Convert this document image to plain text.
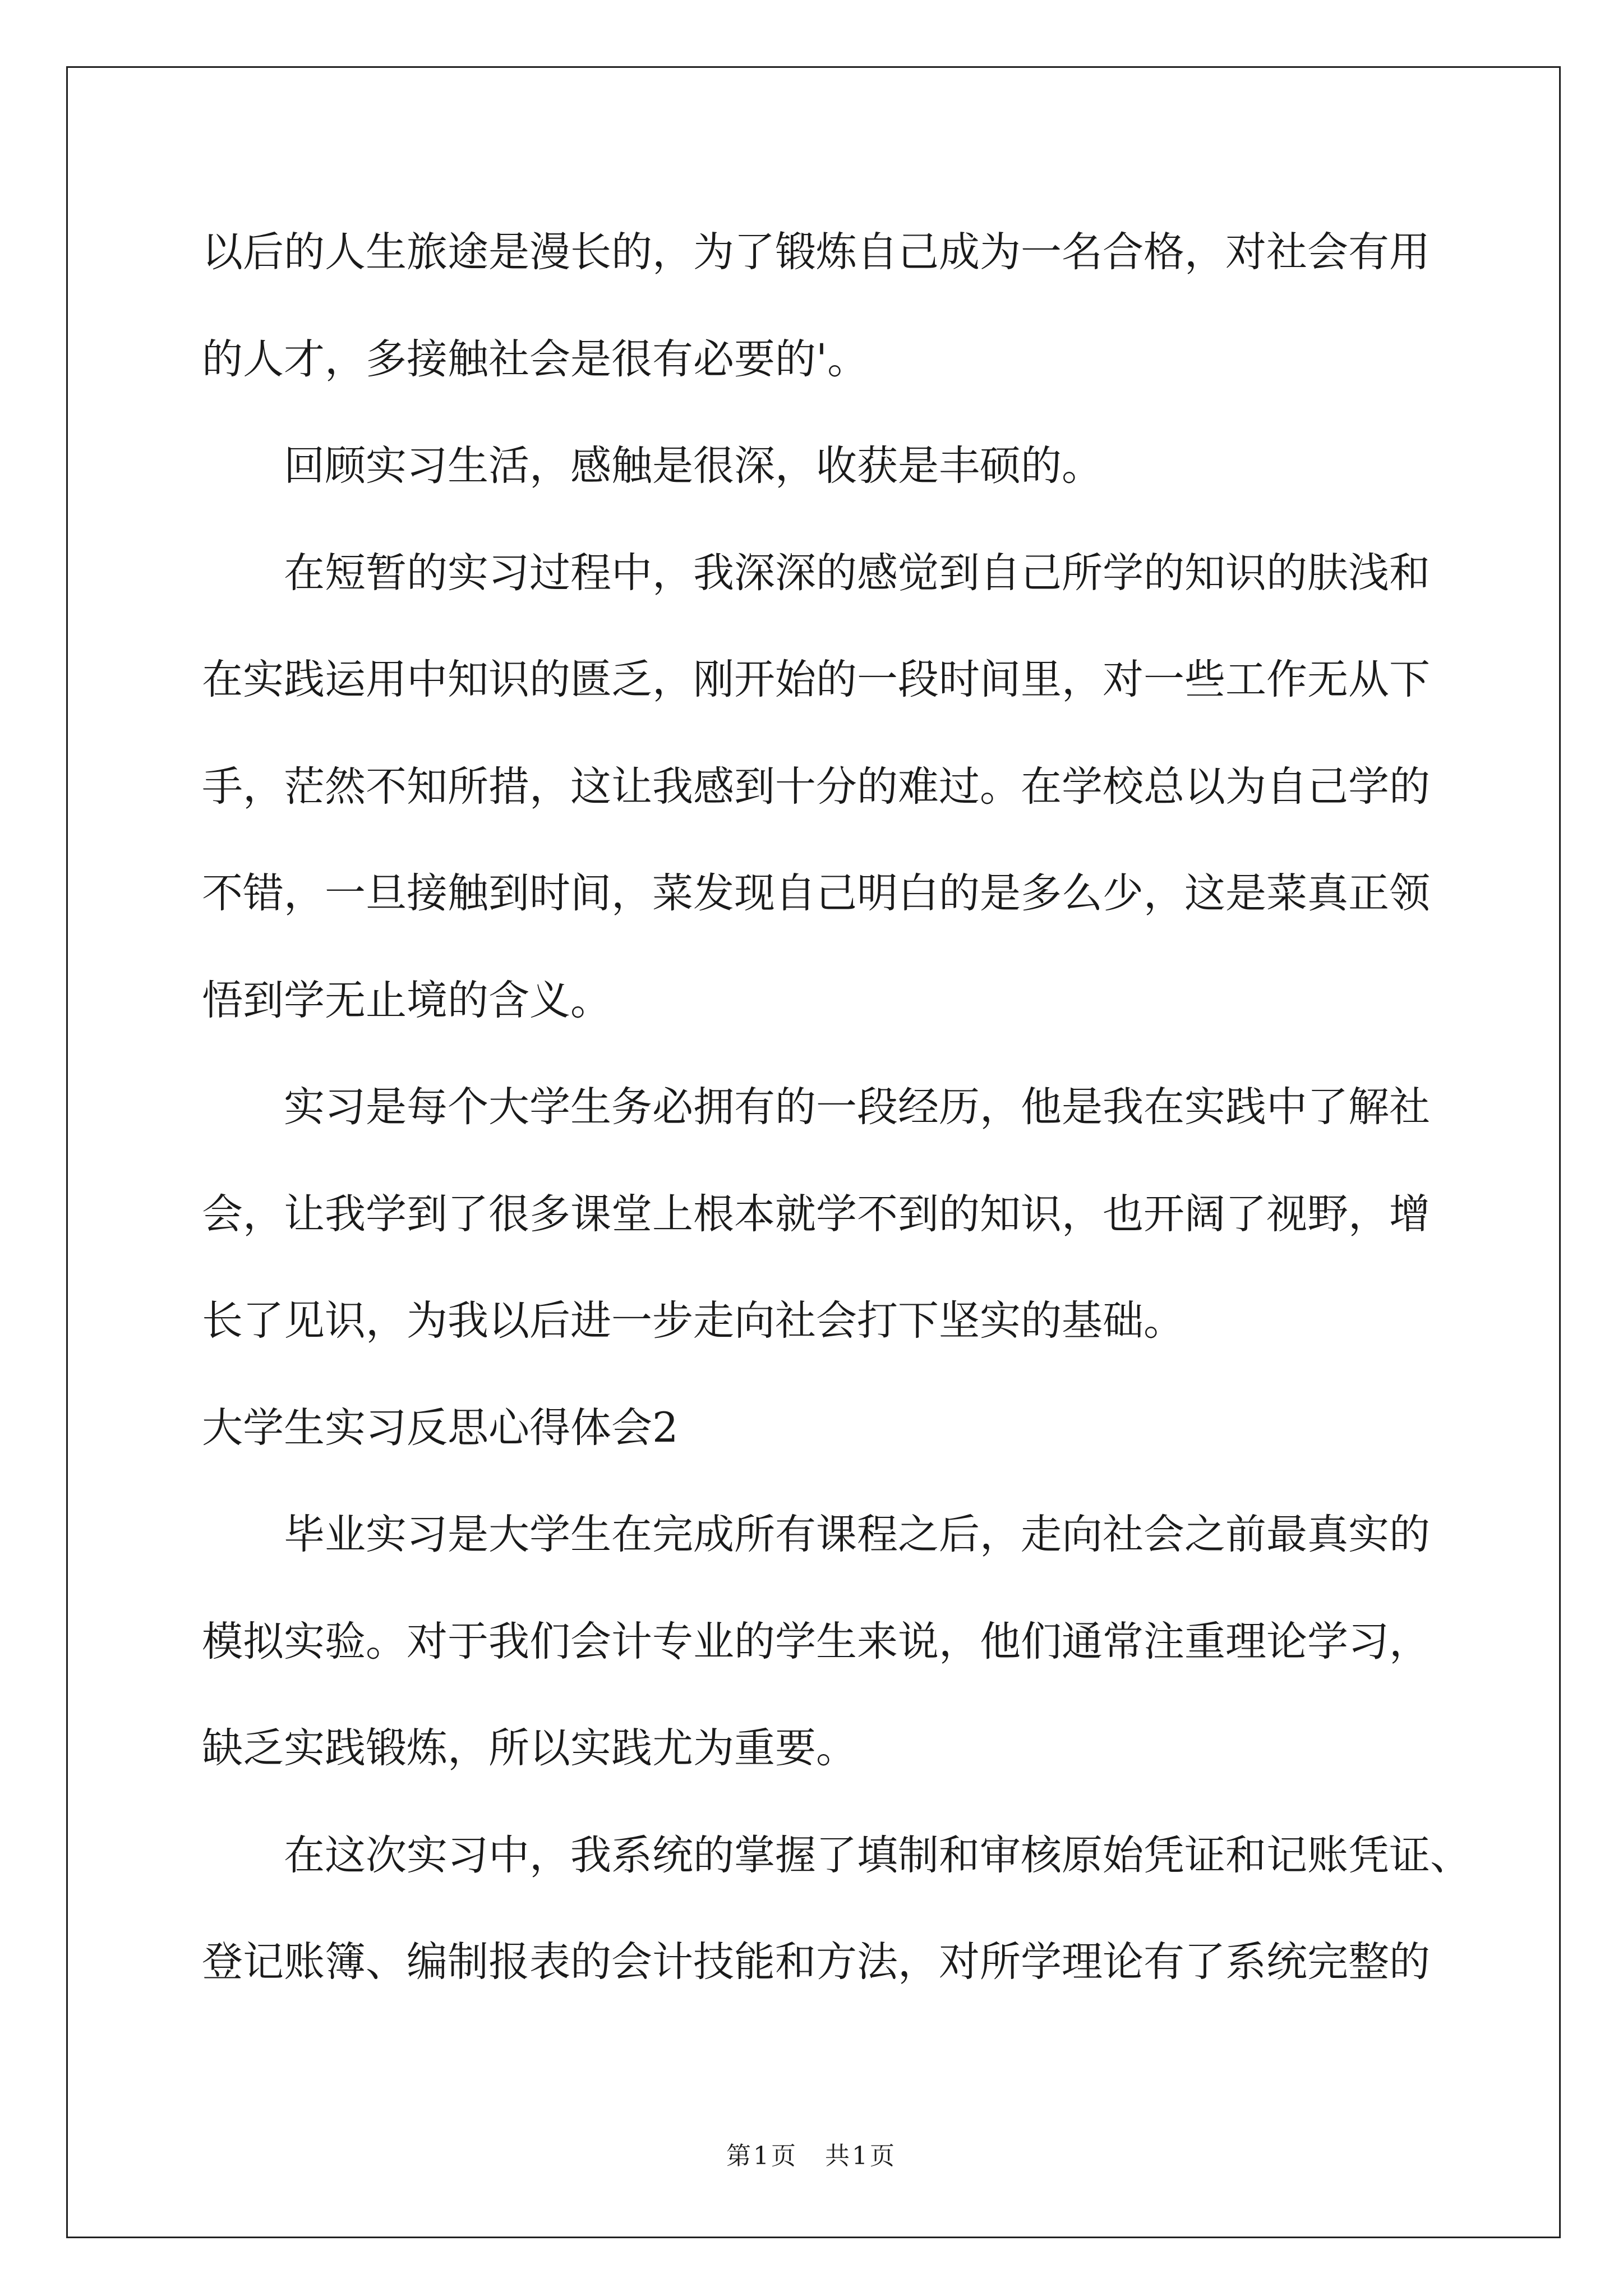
以后的人生旅途是漫长的，为了锻炼自己成为一名合格，对社会有用
的人才，多接触社会是很有必要的'。
回顾实习生活，感触是很深，收获是丰硕的。
在短暂的实习过程中，我深深的感觉到自己所学的知识的肤浅和
在实践运用中知识的匮乏，刚开始的一段时间里，对一些工作无从下
手，茫然不知所措，这让我感到十分的难过。在学校总以为自己学的
不错，一旦接触到时间，菜发现自己明白的是多么少，这是菜真正领
悟到学无止境的含义。
实习是每个大学生务必拥有的一段经历，他是我在实践中了解社
会，让我学到了很多课堂上根本就学不到的知识，也开阔了视野，增
长了见识，为我以后进一步走向社会打下坚实的基础。
大学生实习反思心得体会2
毕业实习是大学生在完成所有课程之后，走向社会之前最真实的
模拟实验。对于我们会计专业的学生来说，他们通常注重理论学习，
缺乏实践锻炼，所以实践尤为重要。
在这次实习中，我系统的掌握了填制和审核原始凭证和记账凭证、
登记账簿、编制报表的会计技能和方法，对所学理论有了系统完整的
第1页　共1页
